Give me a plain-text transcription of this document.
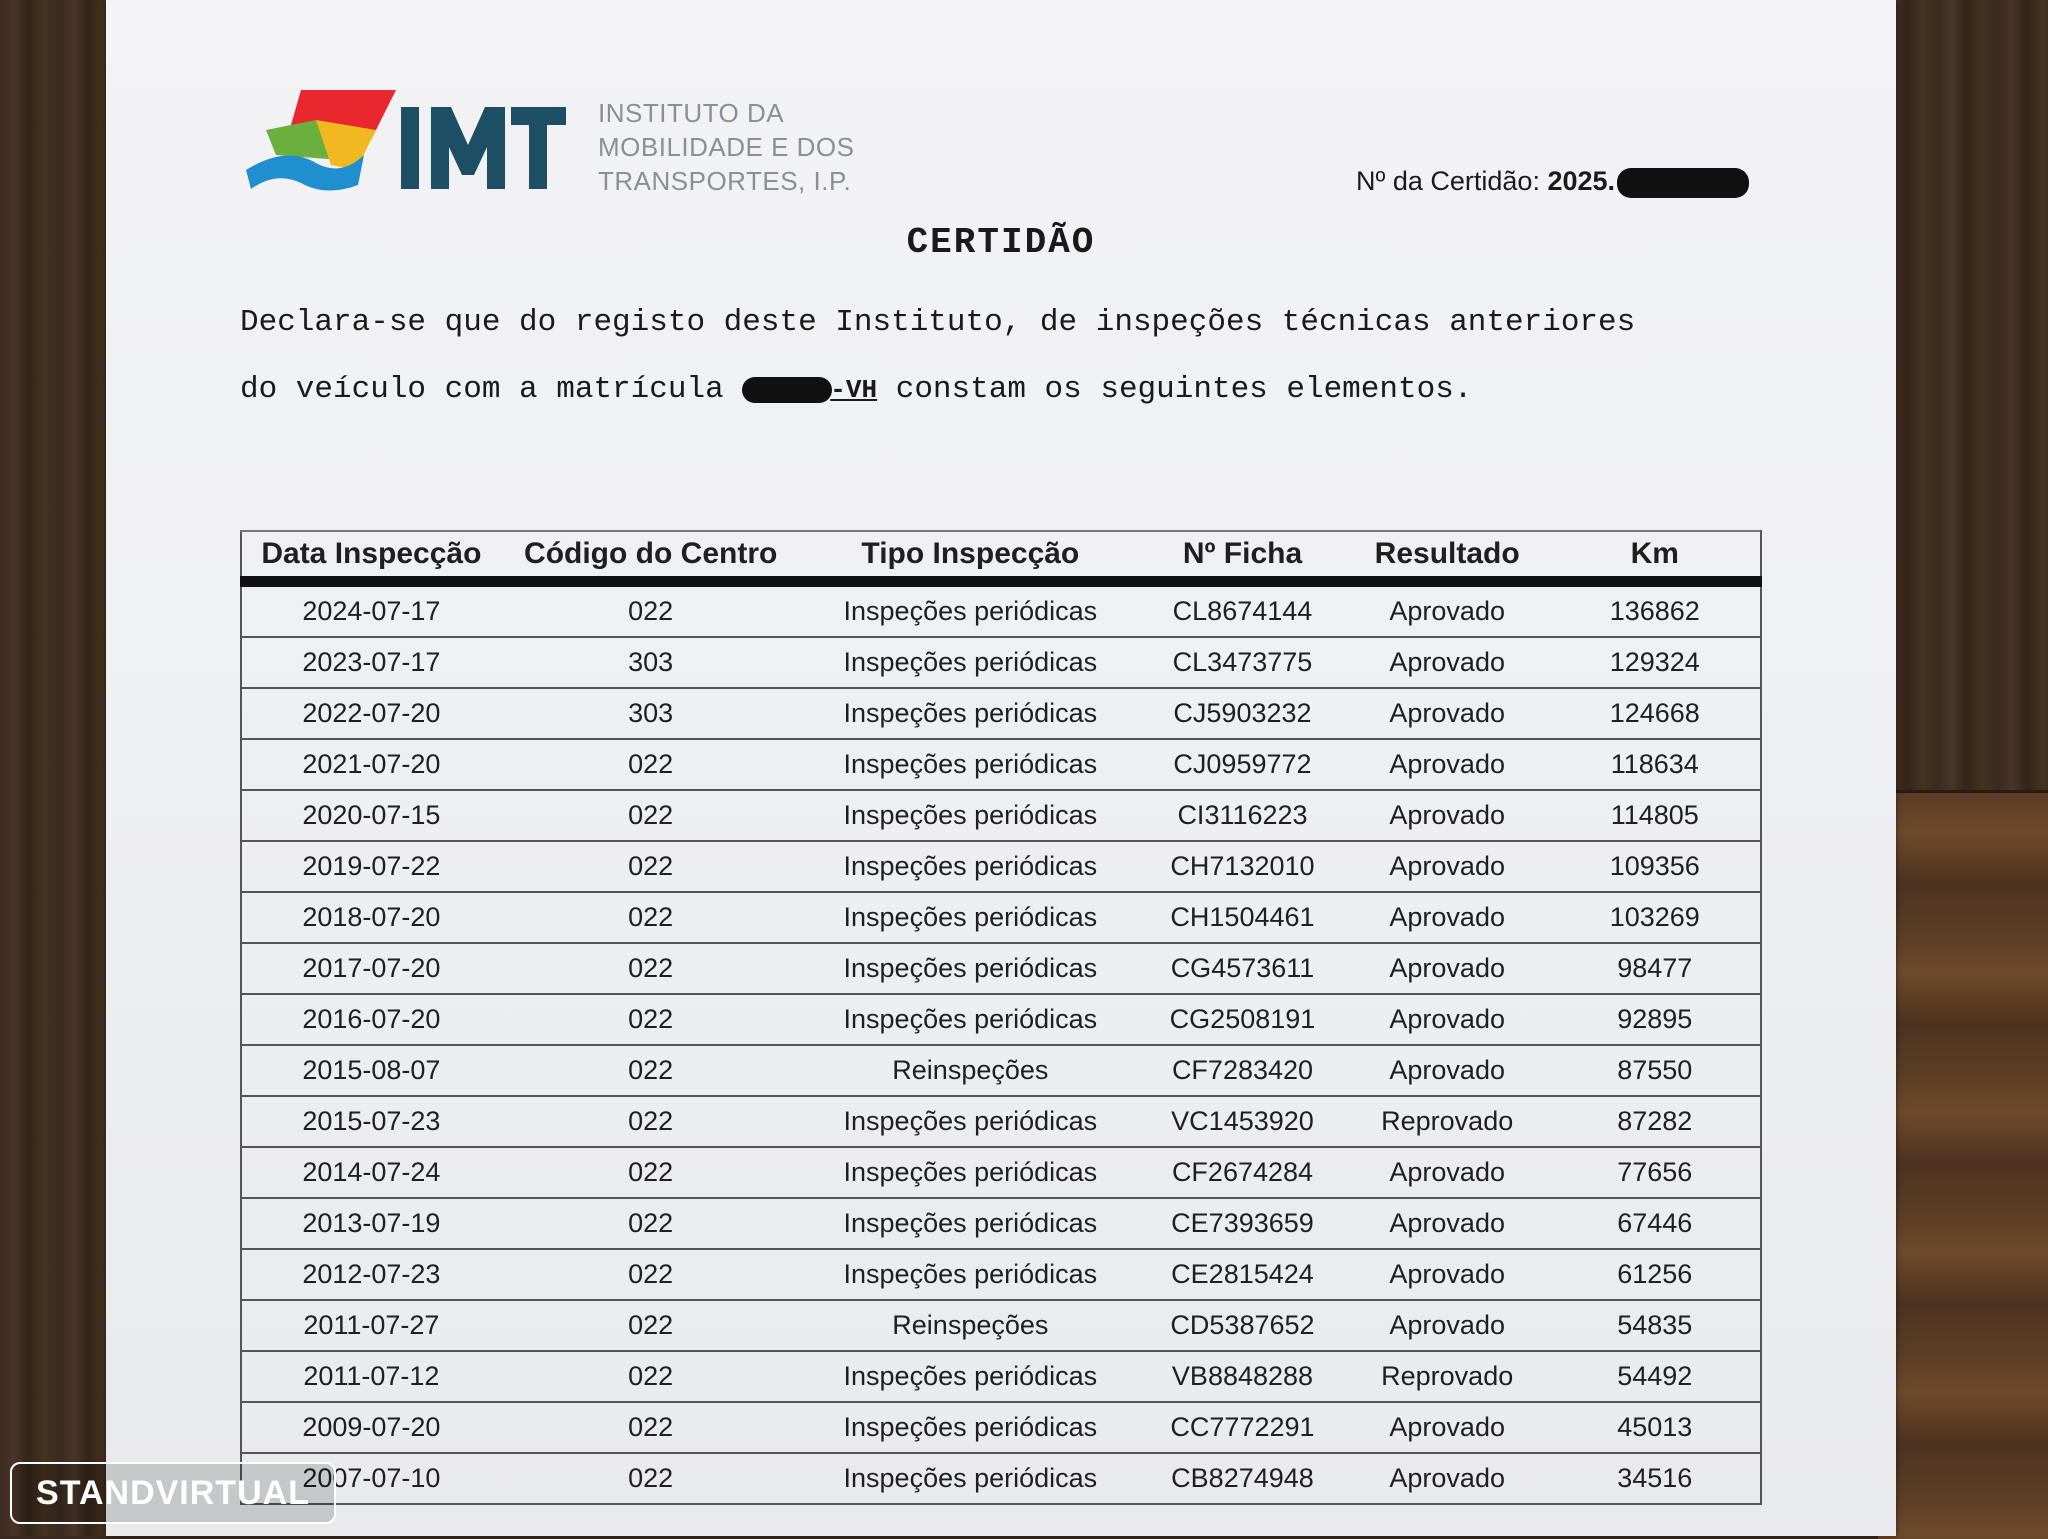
INSTITUTO DA
MOBILIDADE E DOS
TRANSPORTES, I.P.	Nº da Certidão: 2025.
CERTIDÃO
Declara-se que do registo deste Instituto, de inspeções técnicas anteriores
do veículo com a matrícula	-VH constam os seguintes elementos.
Data Inspecção	Código do Centro	Tipo Inspecção	Nº Ficha	Resultado	Km
2024-07-17	022	Inspeções periódicas	CL8674144	Aprovado	136862
2023-07-17	303	Inspeções periódicas	CL3473775	Aprovado	129324
2022-07-20	303	Inspeções periódicas	CJ5903232	Aprovado	124668
2021-07-20	022	Inspeções periódicas	CJ0959772	Aprovado	118634
2020-07-15	022	Inspeções periódicas	CI3116223	Aprovado	114805
2019-07-22	022	Inspeções periódicas	CH7132010	Aprovado	109356
2018-07-20	022	Inspeções periódicas	CH1504461	Aprovado	103269
2017-07-20	022	Inspeções periódicas	CG4573611	Aprovado	98477
2016-07-20	022	Inspeções periódicas	CG2508191	Aprovado	92895
2015-08-07	022	Reinspeções	CF7283420	Aprovado	87550
2015-07-23	022	Inspeções periódicas	VC1453920	Reprovado	87282
2014-07-24	022	Inspeções periódicas	CF2674284	Aprovado	77656
2013-07-19	022	Inspeções periódicas	CE7393659	Aprovado	67446
2012-07-23	022	Inspeções periódicas	CE2815424	Aprovado	61256
2011-07-27	022	Reinspeções	CD5387652	Aprovado	54835
2011-07-12	022	Inspeções periódicas	VB8848288	Reprovado	54492
2009-07-20	022	Inspeções periódicas	CC7772291	Aprovado	45013
2007-07-10	022	Inspeções periódicas	CB8274948	Aprovado	34516
STANDVIRTUAL
